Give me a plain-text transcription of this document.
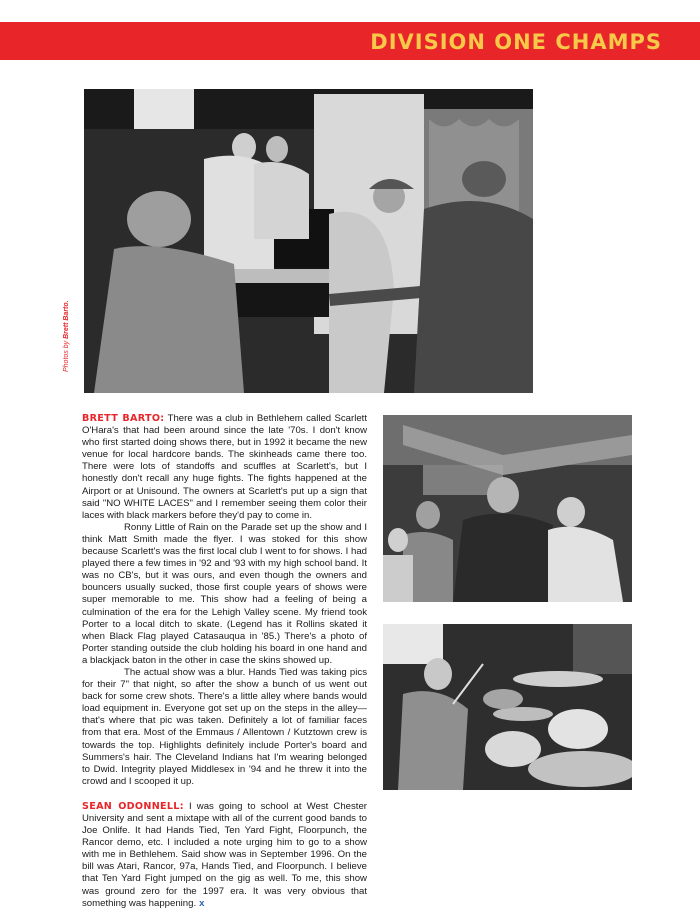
DIVISION ONE CHAMPS
Photos by Brett Barto.

BRETT BARTO: There was a club in Bethlehem called Scarlett O'Hara's that had been around since the late '70s. I don't know who first started doing shows there, but in 1992 it became the new venue for local hardcore bands. The skinheads came there too. There were lots of standoffs and scuffles at Scarlett's, but I honestly don't recall any huge fights. The fights happened at the Airport or at Unisound. The owners at Scarlett's put up a sign that said "NO WHITE LACES" and I remember seeing them color their laces with black markers before they'd pay to come in.

Ronny Little of Rain on the Parade set up the show and I think Matt Smith made the flyer. I was stoked for this show because Scarlett's was the first local club I went to for shows. I had played there a few times in '92 and '93 with my high school band. It was no CB's, but it was ours, and even though the owners and bouncers usually sucked, those first couple years of shows were super memorable to me. This show had a feeling of being a culmination of the era for the Lehigh Valley scene. My friend took Porter to a local ditch to skate. (Legend has it Rollins skated it when Black Flag played Catasauqua in '85.) There's a photo of Porter standing outside the club holding his board in one hand and a blackjack baton in the other in case the skins showed up.

The actual show was a blur. Hands Tied was taking pics for their 7" that night, so after the show a bunch of us went out back for some crew shots. There's a little alley where bands would load equipment in. Everyone got set up on the steps in the alley—that's where that pic was taken. Definitely a lot of familiar faces from that era. Most of the Emmaus / Allentown / Kutztown crew is towards the top. Highlights definitely include Porter's board and Summers's hair. The Cleveland Indians hat I'm wearing belonged to Dwid. Integrity played Middlesex in '94 and he threw it into the crowd and I scooped it up.

SEAN ODONNELL: I was going to school at West Chester University and sent a mixtape with all of the current good bands to Joe Onlife. It had Hands Tied, Ten Yard Fight, Floorpunch, the Rancor demo, etc. I included a note urging him to go to a show with me in Bethlehem. Said show was in September 1996. On the bill was Atari, Rancor, 97a, Hands Tied, and Floorpunch. I believe that Ten Yard Fight jumped on the gig as well. To me, this show was ground zero for the 1997 era. It was very obvious that something was happening. x
